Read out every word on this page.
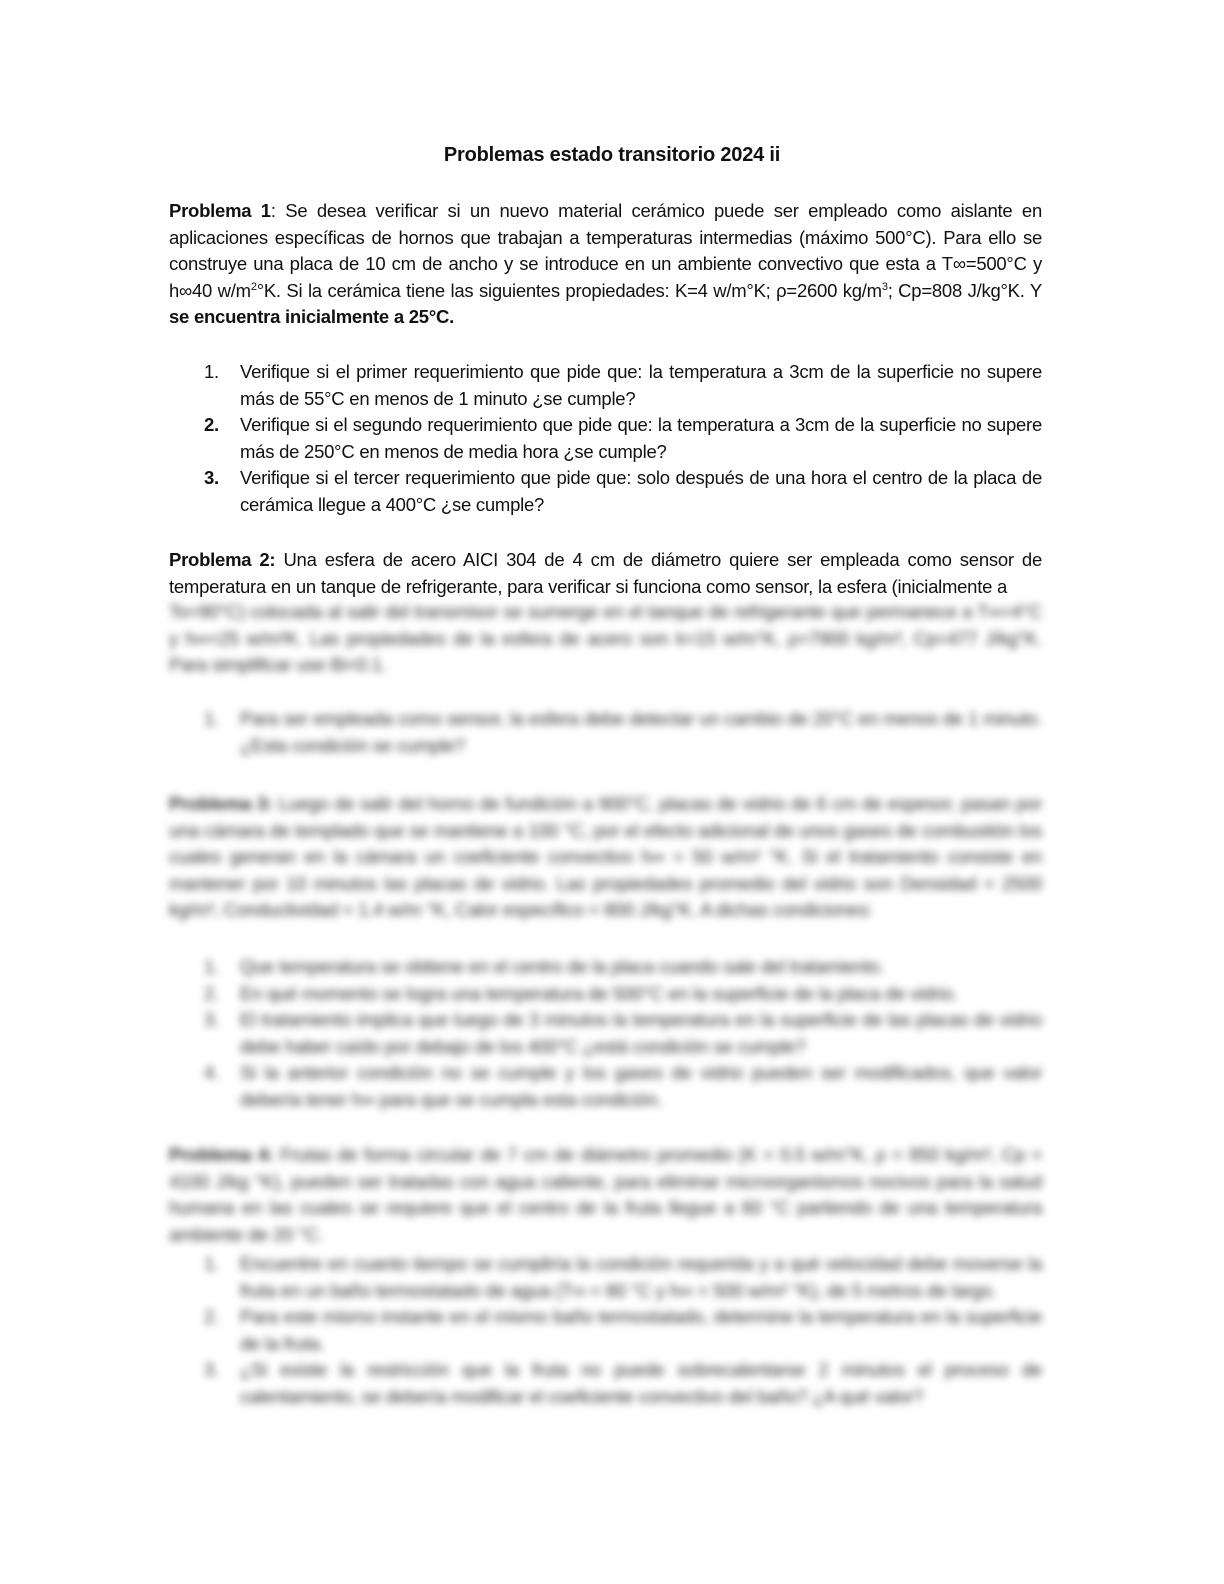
Problemas estado transitorio 2024 ii
Problema 1: Se desea verificar si un nuevo material cerámico puede ser empleado como aislante en aplicaciones específicas de hornos que trabajan a temperaturas intermedias (máximo 500°C). Para ello se construye una placa de 10 cm de ancho y se introduce en un ambiente convectivo que esta a T∞=500°C y h∞40 $w/m^2^\circ K$. Si la cerámica tiene las siguientes propiedades: K=4 w/m°K; ρ=2600 $kg/m^3$; Cp=808 J/kg°K. Y se encuentra inicialmente a 25°C.
1. Verifique si el primer requerimiento que pide que: la temperatura a 3cm de la superficie no supere más de 55°C en menos de 1 minuto ¿se cumple?
2. Verifique si el segundo requerimiento que pide que: la temperatura a 3cm de la superficie no supere más de 250°C en menos de media hora ¿se cumple?
3. Verifique si el tercer requerimiento que pide que: solo después de una hora el centro de la placa de cerámica llegue a 400°C ¿se cumple?
Problema 2: Una esfera de acero AICI 304 de 4 cm de diámetro quiere ser empleada como sensor de temperatura en un tanque de refrigerante, para verificar si funciona como sensor, la esfera (inicialmente a
To=90°C) colocada al salir del transmisor se sumerge en el tanque de refrigerante que permanece a T∞=4°C y h∞=25 w/m²K. Las propiedades de la esfera de acero son k=15 w/m°K, ρ=7900 kg/m³, Cp=477 J/kg°K. Para simplificar use Bi<0.1.
1. Para ser empleada como sensor, la esfera debe detectar un cambio de 20°C en menos de 1 minuto. ¿Esta condición se cumple?
Problema 3: Luego de salir del horno de fundición a 900°C, placas de vidrio de 6 cm de espesor, pasan por una cámara de templado que se mantiene a 100 °C, por el efecto adicional de unos gases de combustión los cuales generan en la cámara un coeficiente convectivo h∞ = 50 w/m² °K. Si el tratamiento consiste en mantener por 10 minutos las placas de vidrio. Las propiedades promedio del vidrio son Densidad = 2500 kg/m³, Conductividad = 1.4 w/m °K, Calor específico = 800 J/kg°K. A dichas condiciones:
1. Que temperatura se obtiene en el centro de la placa cuando sale del tratamiento.
2. En qué momento se logra una temperatura de 500°C en la superficie de la placa de vidrio.
3. El tratamiento implica que luego de 3 minutos la temperatura en la superficie de las placas de vidrio debe haber caído por debajo de los 400°C ¿está condición se cumple?
4. Si la anterior condición no se cumple y los gases de vidrio pueden ser modificados, que valor debería tener h∞ para que se cumpla esta condición.
Problema 4: Frutas de forma circular de 7 cm de diámetro promedio (K = 0.5 w/m°K, ρ = 850 kg/m³, Cp = 4100 J/kg °K), pueden ser tratadas con agua caliente, para eliminar microorganismos nocivos para la salud humana en las cuales se requiere que el centro de la fruta llegue a 60 °C partiendo de una temperatura ambiente de 20 °C.
1. Encuentre en cuanto tiempo se cumpliría la condición requerida y a qué velocidad debe moverse la fruta en un baño termostatado de agua (T∞ = 80 °C y h∞ = 500 w/m² °K), de 5 metros de largo.
2. Para este mismo instante en el mismo baño termostatado, determine la temperatura en la superficie de la fruta.
3. ¿Si existe la restricción que la fruta no puede sobrecalentarse 2 minutos el proceso de calentamiento, se debería modificar el coeficiente convectivo del baño? ¿A qué valor?
